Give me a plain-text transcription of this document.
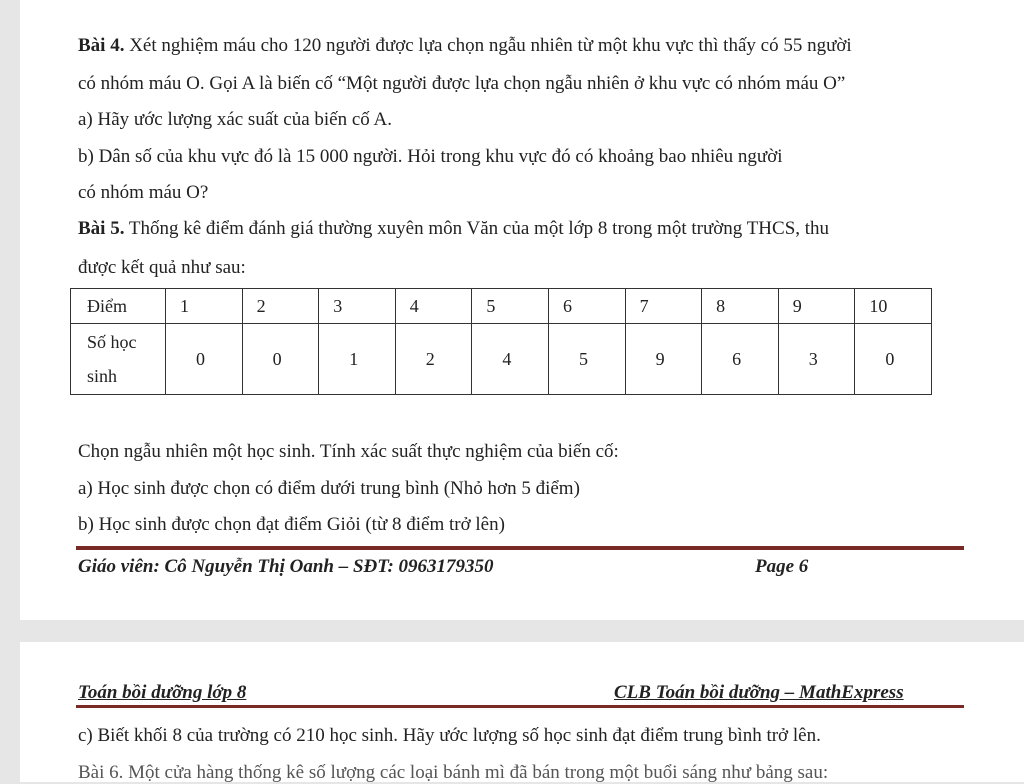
Bài 4. Xét nghiệm máu cho 120 người được lựa chọn ngẫu nhiên từ một khu vực thì thấy có 55 người
có nhóm máu O. Gọi A là biến cố “Một người được lựa chọn ngẫu nhiên ở khu vực có nhóm máu O”
a) Hãy ước lượng xác suất của biến cố A.
b) Dân số của khu vực đó là 15 000 người. Hỏi trong khu vực đó có khoảng bao nhiêu người
có nhóm máu O?
Bài 5. Thống kê điểm đánh giá thường xuyên môn Văn của một lớp 8 trong một trường THCS, thu
được kết quả như sau:
Điểm	1	2	3	4	5	6	7	8	9	10
Số học
sinh	0	0	1	2	4	5	9	6	3	0
Chọn ngẫu nhiên một học sinh. Tính xác suất thực nghiệm của biến cố:
a) Học sinh được chọn có điểm dưới trung bình (Nhỏ hơn 5 điểm)
b) Học sinh được chọn đạt điểm Giỏi (từ 8 điểm trở lên)
Giáo viên: Cô Nguyễn Thị Oanh – SĐT: 0963179350	Page 6
Toán bồi dưỡng lớp 8	CLB Toán bồi dưỡng – MathExpress
c) Biết khối 8 của trường có 210 học sinh. Hãy ước lượng số học sinh đạt điểm trung bình trở lên.
Bài 6. Một cửa hàng thống kê số lượng các loại bánh mì đã bán trong một buổi sáng như bảng sau:
